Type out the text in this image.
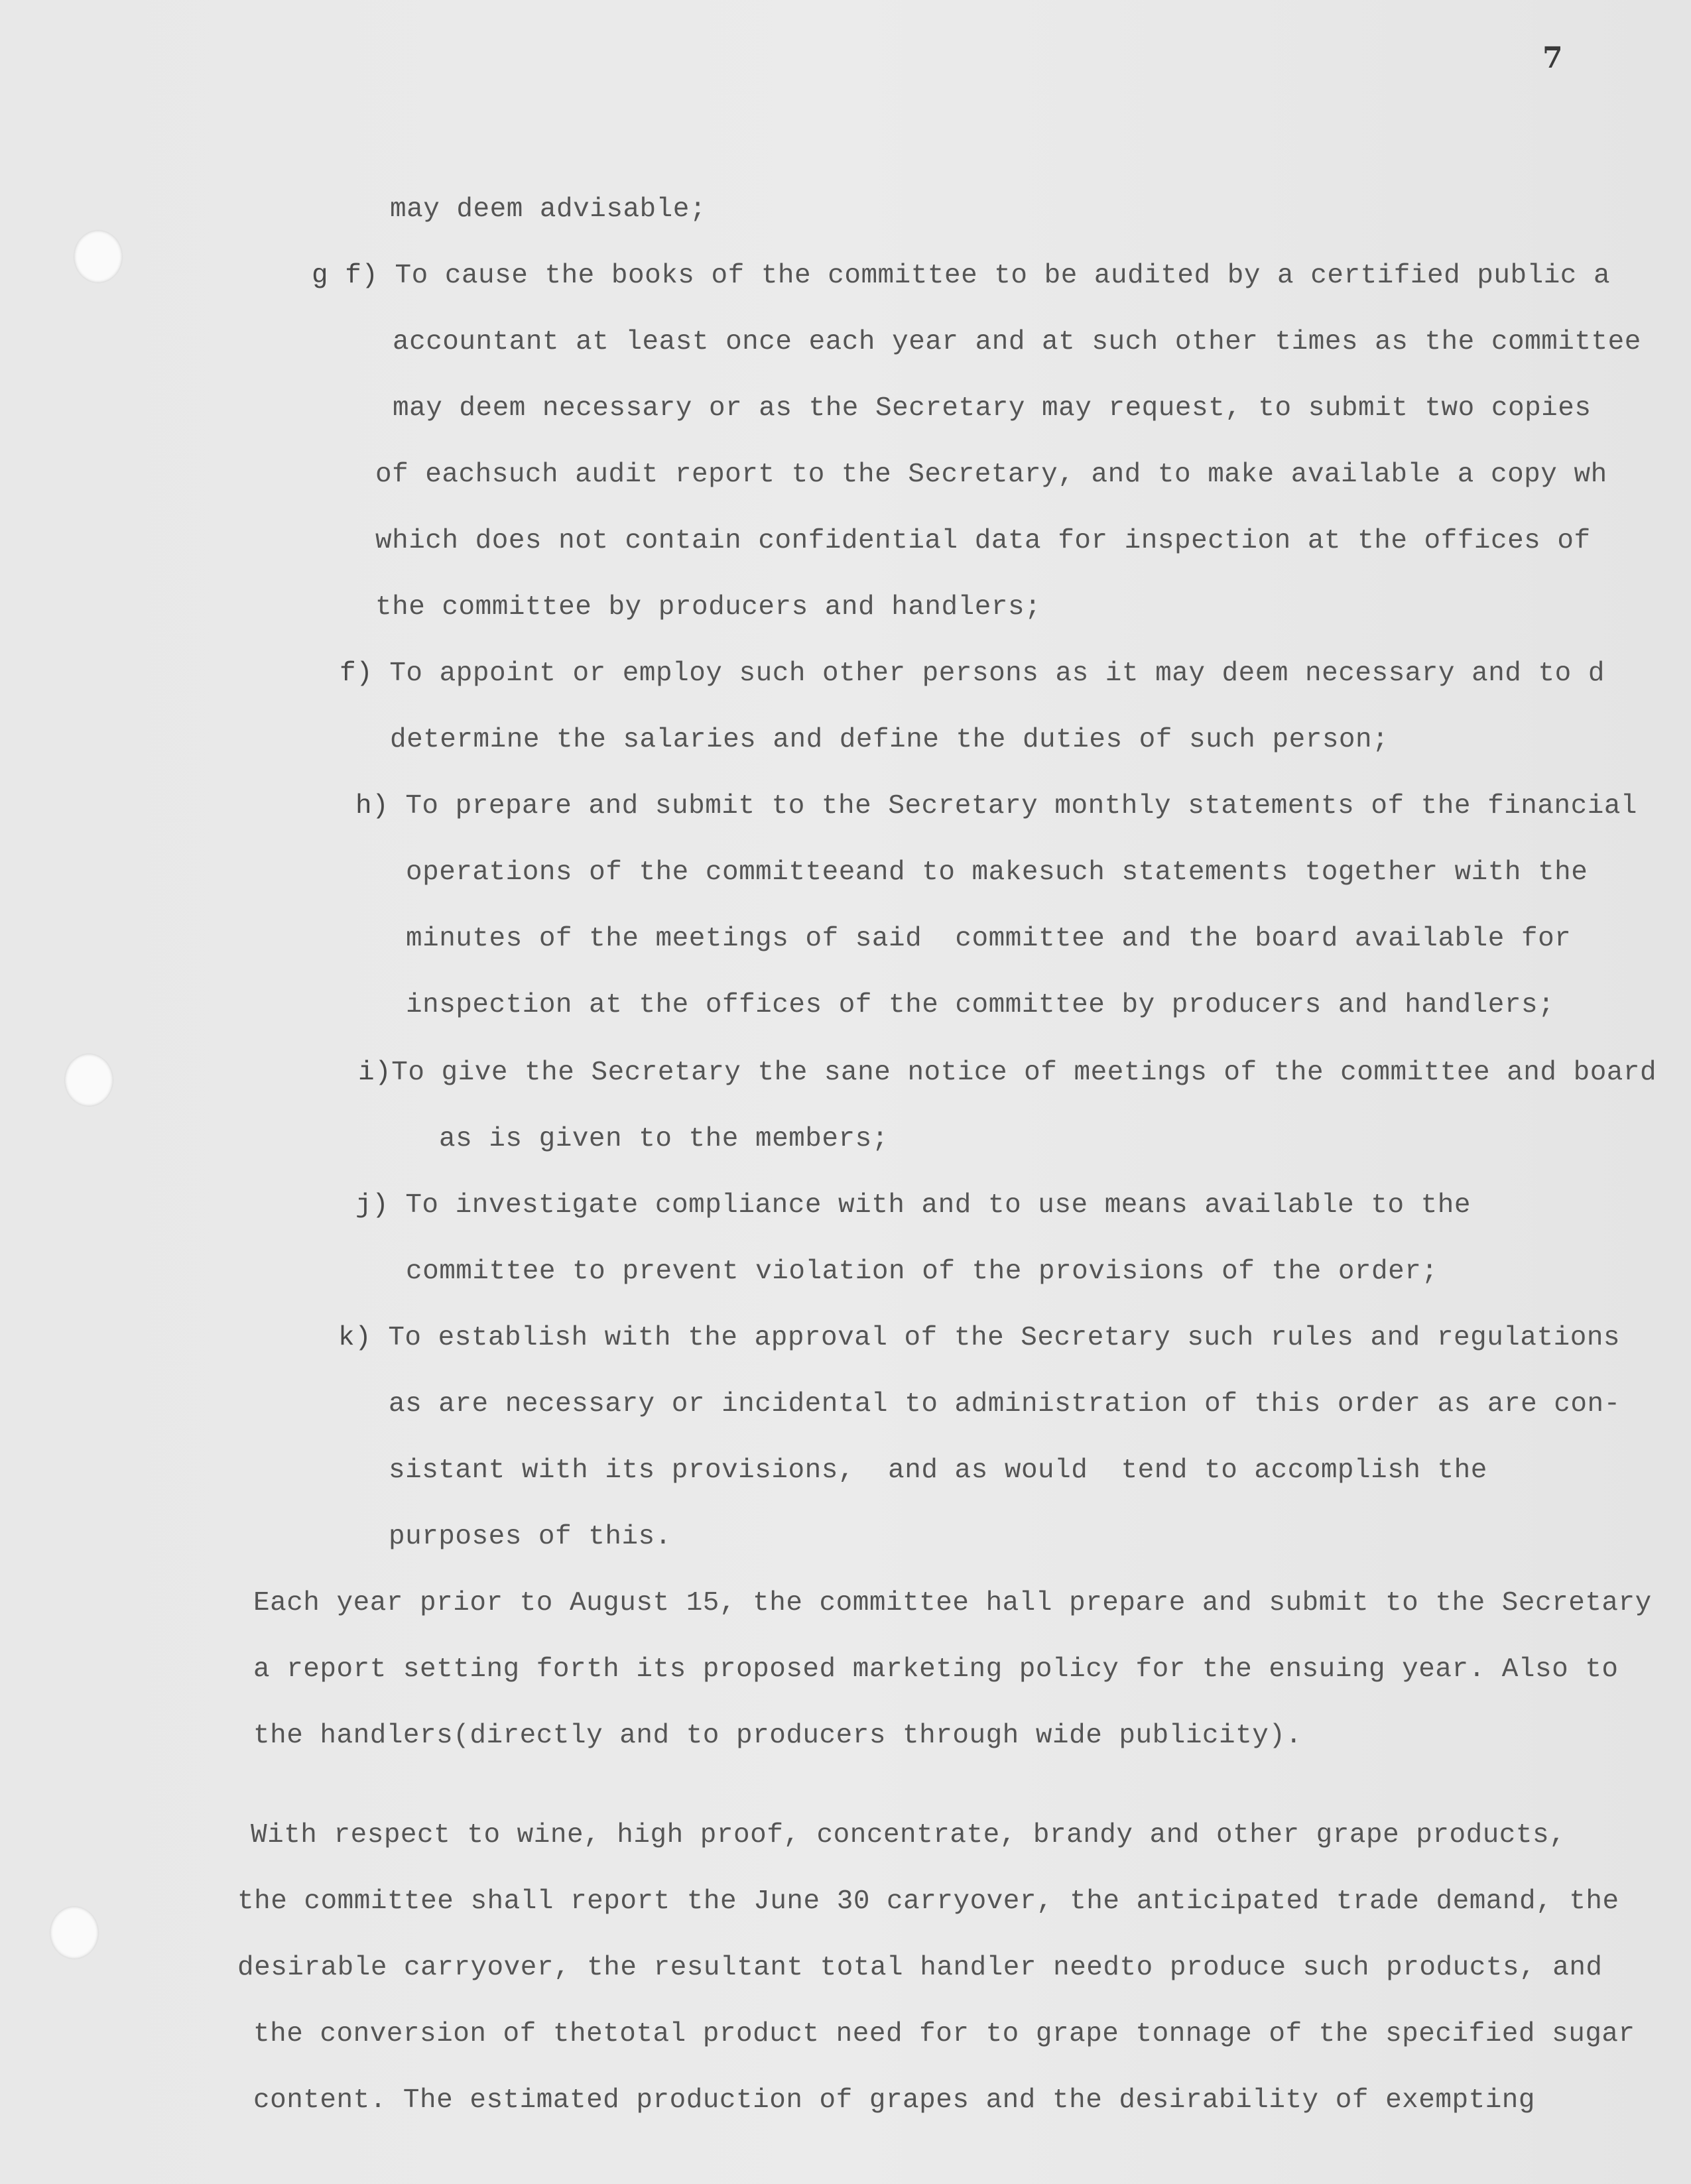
7
may deem advisable;
g f) To cause the books of the committee to be audited by a certified public a
accountant at least once each year and at such other times as the committee
may deem necessary or as the Secretary may request, to submit two copies
of eachsuch audit report to the Secretary, and to make available a copy wh
which does not contain confidential data for inspection at the offices of
the committee by producers and handlers;
f) To appoint or employ such other persons as it may deem necessary and to d
determine the salaries and define the duties of such person;
h) To prepare and submit to the Secretary monthly statements of the financial
operations of the committeeand to makesuch statements together with the
minutes of the meetings of said  committee and the board available for
inspection at the offices of the committee by producers and handlers;
i)To give the Secretary the sane notice of meetings of the committee and board
as is given to the members;
j) To investigate compliance with and to use means available to the
committee to prevent violation of the provisions of the order;
k) To establish with the approval of the Secretary such rules and regulations
as are necessary or incidental to administration of this order as are con-
sistant with its provisions,  and as would  tend to accomplish the
purposes of this.
Each year prior to August 15, the committee hall prepare and submit to the Secretary
a report setting forth its proposed marketing policy for the ensuing year. Also to
the handlers(directly and to producers through wide publicity).
With respect to wine, high proof, concentrate, brandy and other grape products,
the committee shall report the June 30 carryover, the anticipated trade demand, the
desirable carryover, the resultant total handler needto produce such products, and
the conversion of thetotal product need for to grape tonnage of the specified sugar
content. The estimated production of grapes and the desirability of exempting
